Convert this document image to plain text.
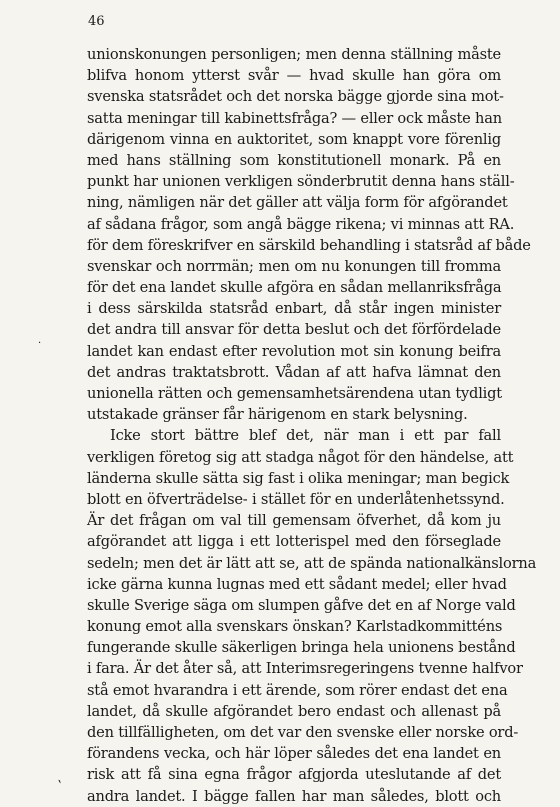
46
unionskonungen personligen; men denna ställning måste
blifva honom ytterst svår — hvad skulle han göra om
svenska statsrådet och det norska bägge gjorde sina mot-
satta meningar till kabinettsfråga? — eller ock måste han
därigenom vinna en auktoritet, som knappt vore förenlig
med hans ställning som konstitutionell monark. På en
punkt har unionen verkligen sönderbrutit denna hans ställ-
ning, nämligen när det gäller att välja form för afgörandet
af sådana frågor, som angå bägge rikena; vi minnas att RA.
för dem föreskrifver en särskild behandling i statsråd af både
svenskar och norrmän; men om nu konungen till fromma
för det ena landet skulle afgöra en sådan mellanriksfråga
i dess särskilda statsråd enbart, då står ingen minister
det andra till ansvar för detta beslut och det förfördelade
landet kan endast efter revolution mot sin konung beifra
det andras traktatsbrott. Vådan af att hafva lämnat den
unionella rätten och gemensamhetsärendena utan tydligt
utstakade gränser får härigenom en stark belysning.
Icke stort bättre blef det, när man i ett par fall
verkligen företog sig att stadga något för den händelse, att
länderna skulle sätta sig fast i olika meningar; man begick
blott en öfverträdelse- i stället för en underlåtenhetssynd.
Är det frågan om val till gemensam öfverhet, då kom ju
afgörandet att ligga i ett lotterispel med den förseglade
sedeln; men det är lätt att se, att de spända nationalkänslorna
icke gärna kunna lugnas med ett sådant medel; eller hvad
skulle Sverige säga om slumpen gåfve det en af Norge vald
konung emot alla svenskars önskan? Karlstadkommitténs
fungerande skulle säkerligen bringa hela unionens bestånd
i fara. Är det åter så, att Interimsregeringens tvenne halfvor
stå emot hvarandra i ett ärende, som rörer endast det ena
landet, då skulle afgörandet bero endast och allenast på
den tillfälligheten, om det var den svenske eller norske ord-
förandens vecka, och här löper således det ena landet en
risk att få sina egna frågor afgjorda uteslutande af det
andra landet. I bägge fallen har man således, blott och
·
ˎ
